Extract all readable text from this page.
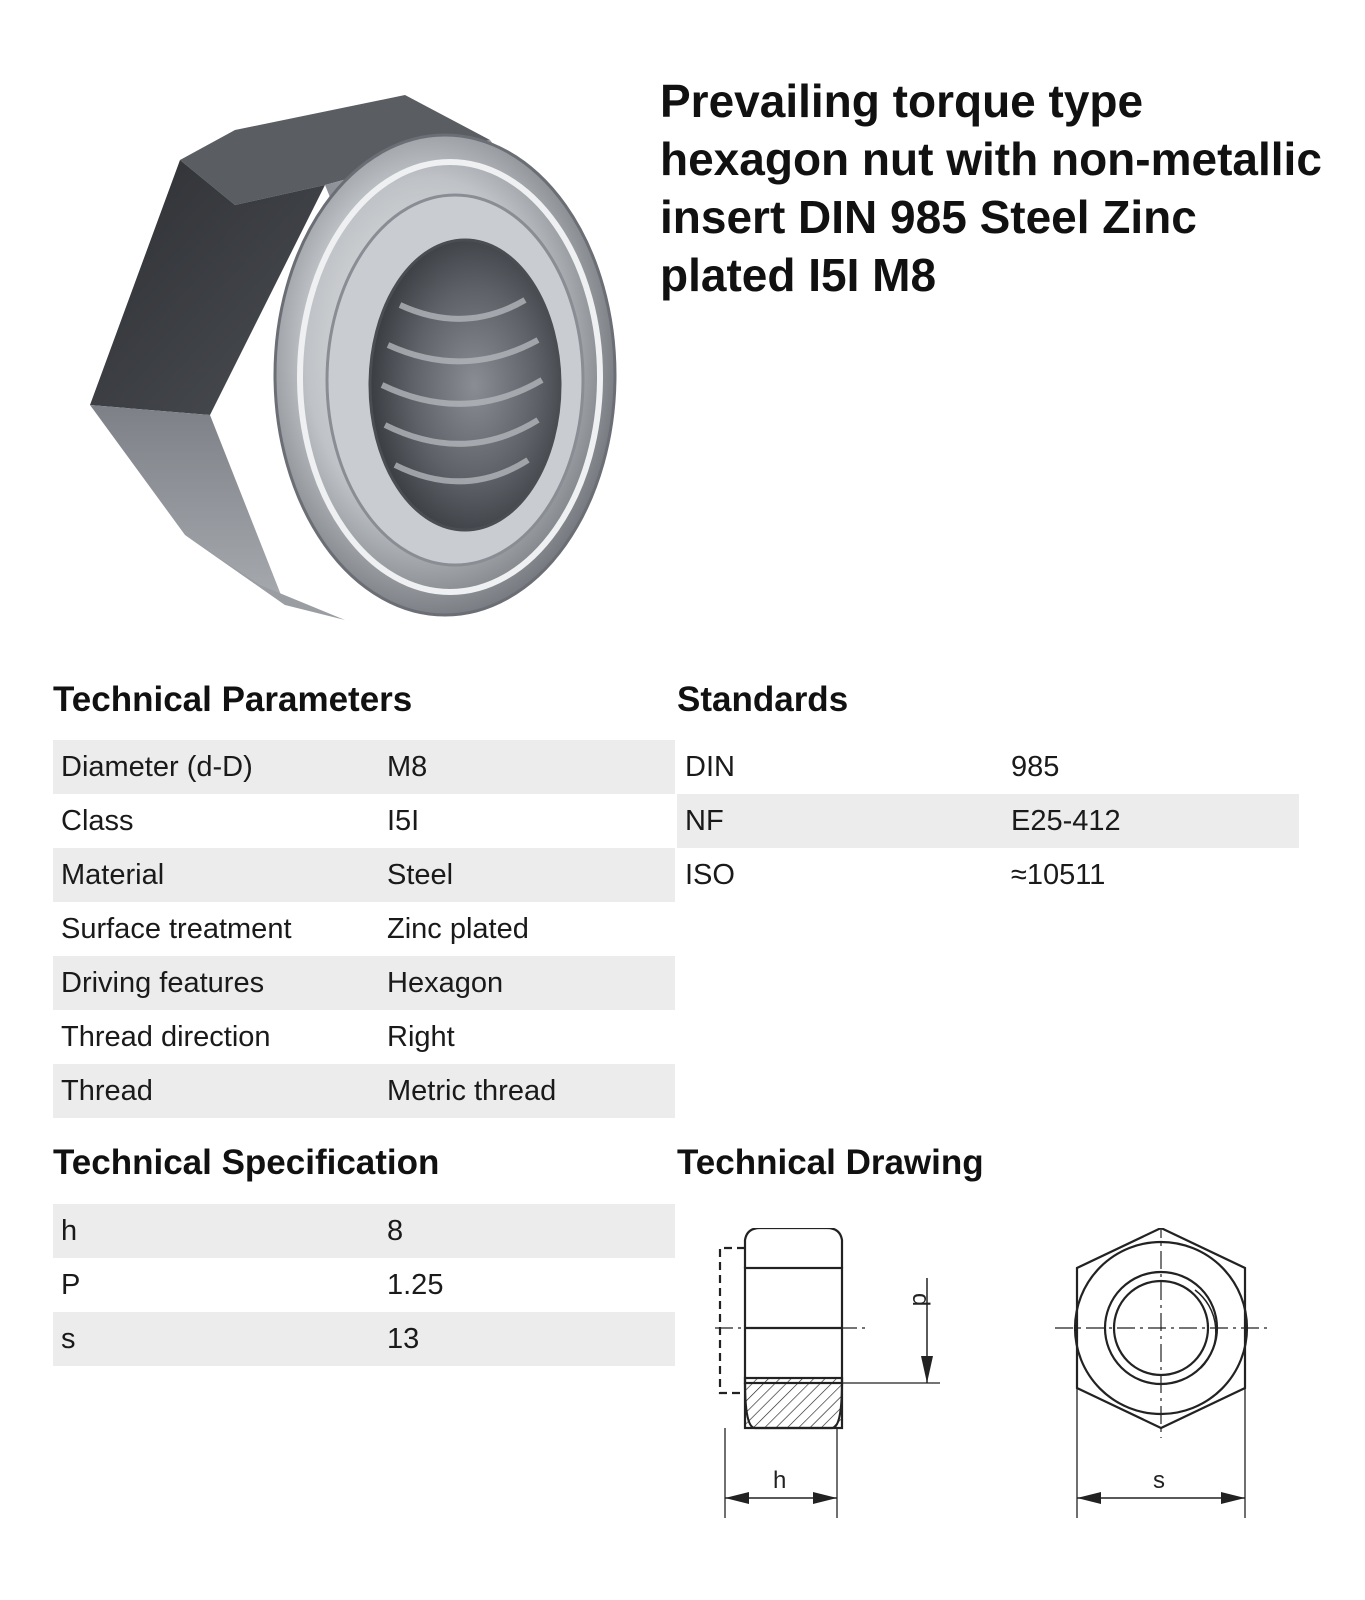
Prevailing torque type hexagon nut with non-metallic insert DIN 985 Steel Zinc plated I5I M8
Technical Parameters
Diameter (d-D)	M8
Class	I5I
Material	Steel
Surface treatment	Zinc plated
Driving features	Hexagon
Thread direction	Right
Thread	Metric thread
Standards
DIN	985
NF	E25-412
ISO	≈10511
Technical Specification
h	8
P	1.25
s	13
Technical Drawing
h
d
s
